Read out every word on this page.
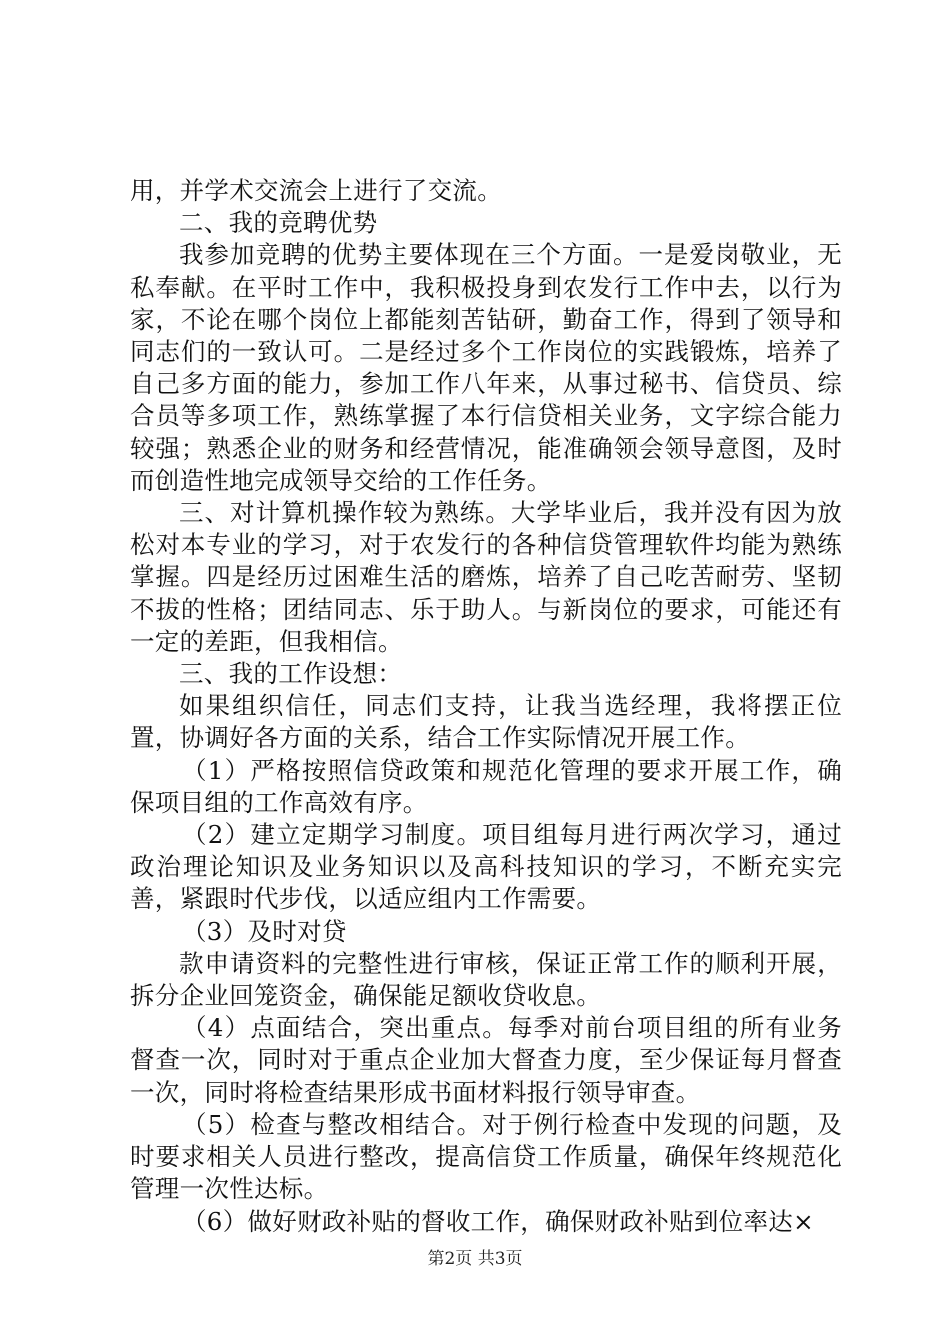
用，并学术交流会上进行了交流。

二、我的竞聘优势

我参加竞聘的优势主要体现在三个方面。一是爱岗敬业，无私奉献。在平时工作中，我积极投身到农发行工作中去，以行为家，不论在哪个岗位上都能刻苦钻研，勤奋工作，得到了领导和同志们的一致认可。二是经过多个工作岗位的实践锻炼，培养了自己多方面的能力，参加工作八年来，从事过秘书、信贷员、综合员等多项工作，熟练掌握了本行信贷相关业务，文字综合能力较强；熟悉企业的财务和经营情况，能准确领会领导意图，及时而创造性地完成领导交给的工作任务。

三、对计算机操作较为熟练。大学毕业后，我并没有因为放松对本专业的学习，对于农发行的各种信贷管理软件均能为熟练掌握。四是经历过困难生活的磨炼，培养了自己吃苦耐劳、坚韧不拔的性格；团结同志、乐于助人。与新岗位的要求，可能还有一定的差距，但我相信。

三、我的工作设想：

如果组织信任，同志们支持，让我当选经理，我将摆正位置，协调好各方面的关系，结合工作实际情况开展工作。

（1）严格按照信贷政策和规范化管理的要求开展工作，确保项目组的工作高效有序。

（2）建立定期学习制度。项目组每月进行两次学习，通过政治理论知识及业务知识以及高科技知识的学习，不断充实完善，紧跟时代步伐，以适应组内工作需要。

（3）及时对贷

款申请资料的完整性进行审核，保证正常工作的顺利开展，拆分企业回笼资金，确保能足额收贷收息。

（4）点面结合，突出重点。每季对前台项目组的所有业务督查一次，同时对于重点企业加大督查力度，至少保证每月督查一次，同时将检查结果形成书面材料报行领导审查。

（5）检查与整改相结合。对于例行检查中发现的问题，及时要求相关人员进行整改，提高信贷工作质量，确保年终规范化管理一次性达标。

（6）做好财政补贴的督收工作，确保财政补贴到位率达×

第2页 共3页
